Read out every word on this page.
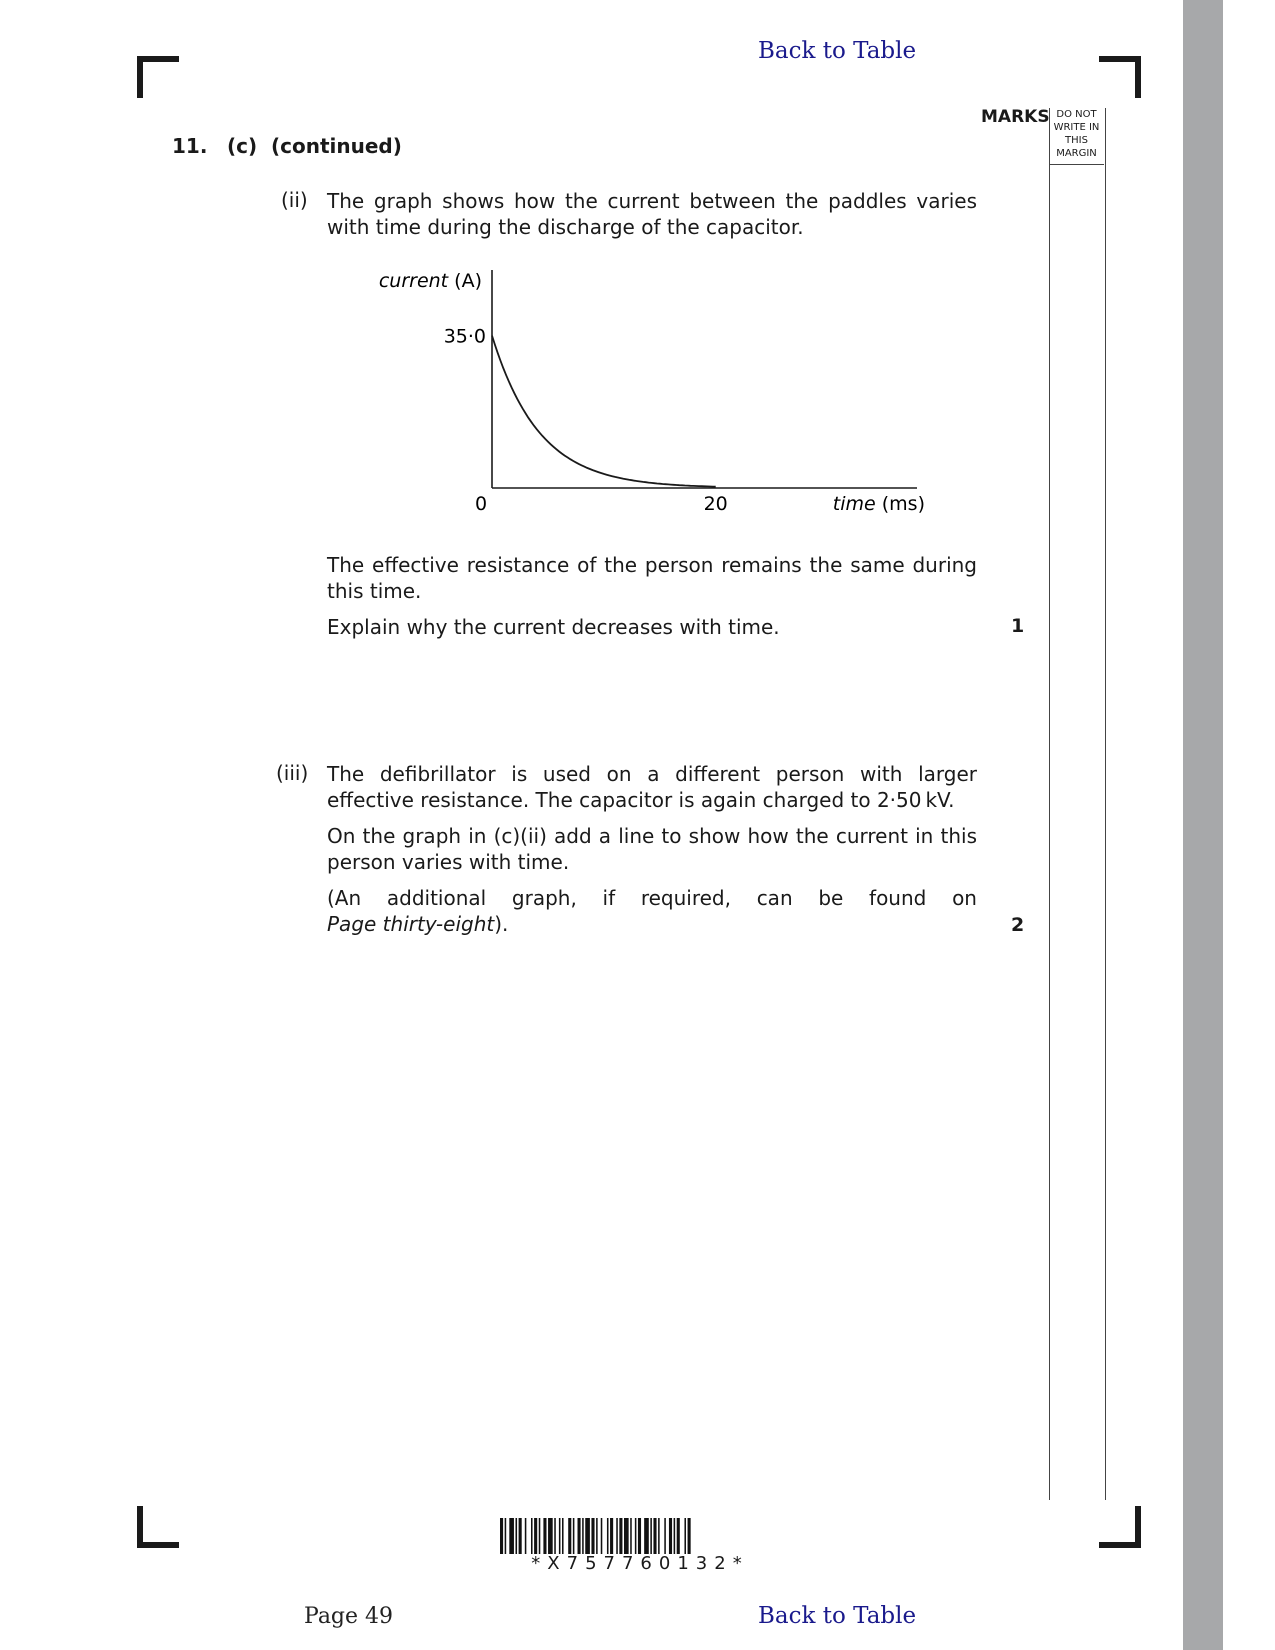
Back to Table
Back to Table
MARKS DO NOT
WRITE IN
THIS
MARGIN
11. (c) (continued)
(ii) The graph shows how the current between the paddles varies with time during the discharge of the capacitor.
0	20
35·0
time (ms)
current (A)
The effective resistance of the person remains the same during this time.
Explain why the current decreases with time.	1
(iii) The defibrillator is used on a different person with larger effective resistance. The capacitor is again charged to 2·50 kV.
On the graph in (c)(ii) add a line to show how the current in this person varies with time.
(An additional graph, if required, can be found on
Page thirty-eight).	2
*X757760132*
Page 49
